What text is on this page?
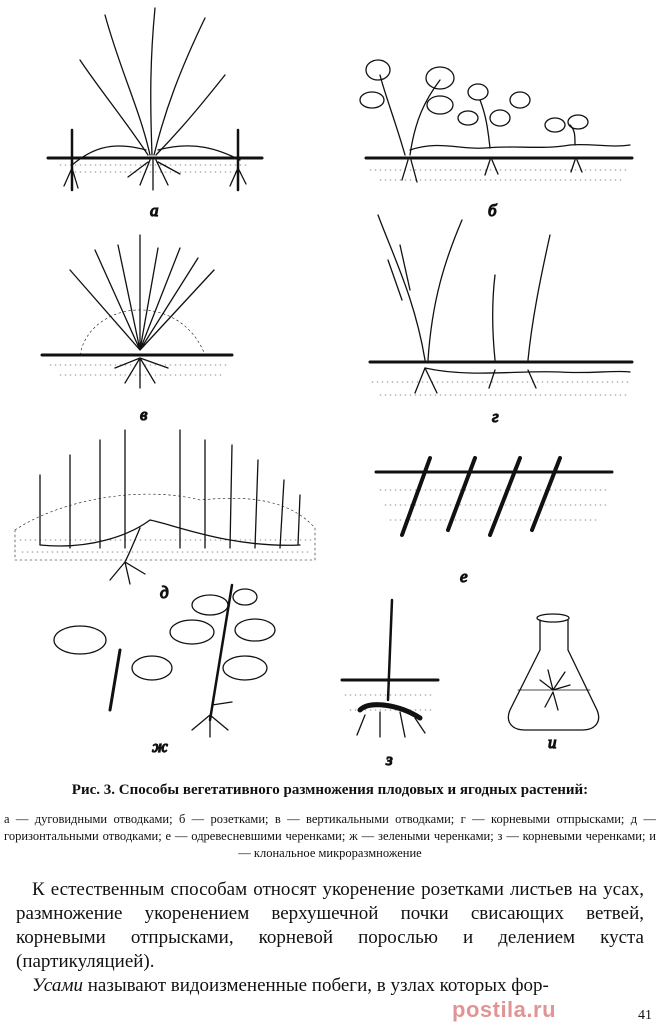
а	б
в	г
д
е
ж
з
и
Рис. 3. Способы вегетативного размножения плодовых и ягодных растений:
а — дуговидными отводками; б — розетками; в — вертикальными отводками; г — корневыми отпрысками; д — горизонтальными отводками; е — одревесневшими черенками; ж — зелеными черенками; з — корневыми черенками; и — клональное микроразмножение

К естественным способам относят укоренение розетками листьев на усах, размножение укоренением верхушечной почки свисающих ветвей, корневыми отпрысками, корневой порослью и делением куста (партикуляцией).

Усами называют видоизмененные побеги, в узлах которых фор-

postila.ru	41
